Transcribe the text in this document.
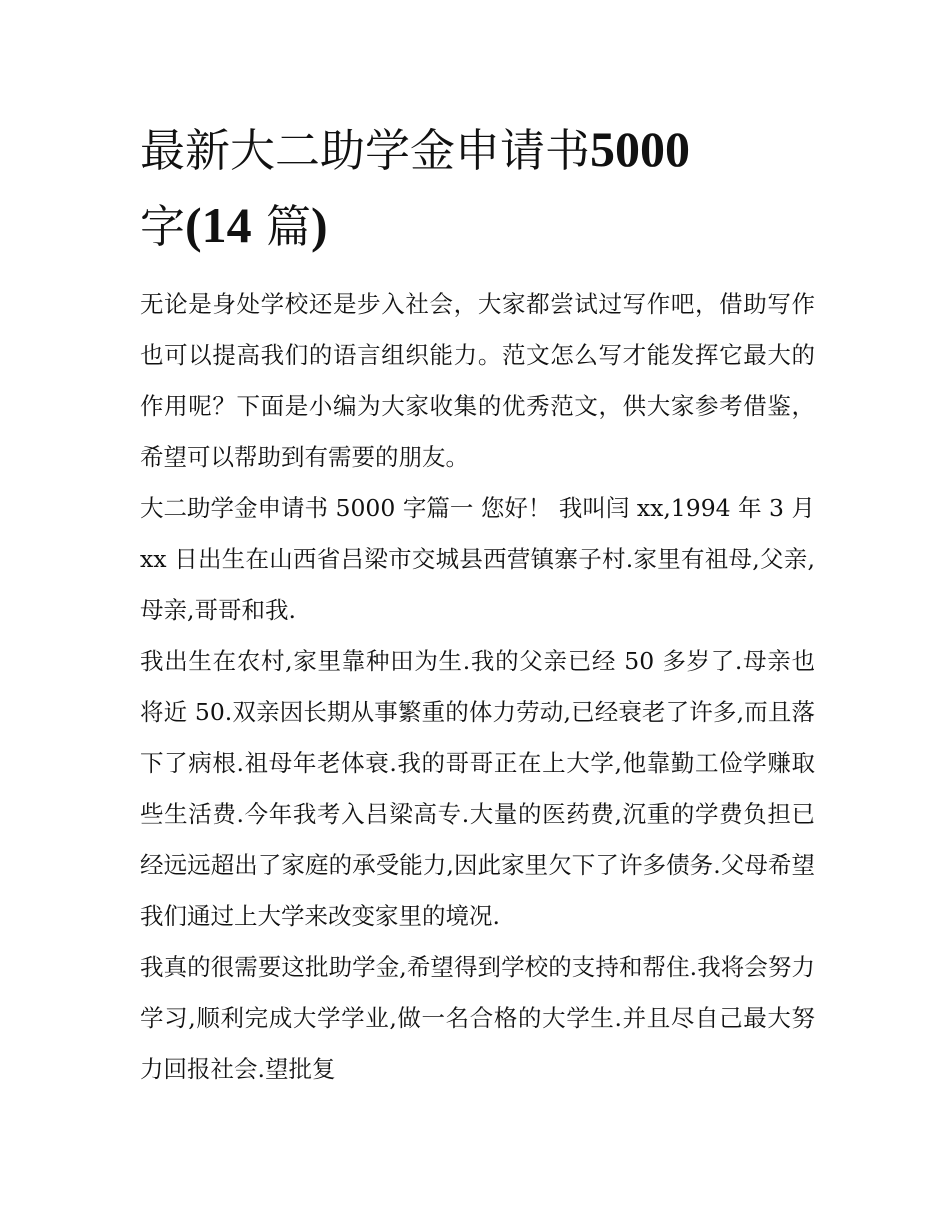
最新大二助学金申请书5000
字(14 篇)

无论是身处学校还是步入社会，大家都尝试过写作吧，借助写作也可以提高我们的语言组织能力。范文怎么写才能发挥它最大的作用呢？下面是小编为大家收集的优秀范文，供大家参考借鉴，希望可以帮助到有需要的朋友。

大二助学金申请书 5000 字篇一 您好！ 我叫闫 xx,1994 年 3 月 xx 日出生在山西省吕梁市交城县西营镇寨子村.家里有祖母,父亲,母亲,哥哥和我.

我出生在农村,家里靠种田为生.我的父亲已经 50 多岁了.母亲也将近 50.双亲因长期从事繁重的体力劳动,已经衰老了许多,而且落下了病根.祖母年老体衰.我的哥哥正在上大学,他靠勤工俭学赚取些生活费.今年我考入吕梁高专.大量的医药费,沉重的学费负担已经远远超出了家庭的承受能力,因此家里欠下了许多债务.父母希望我们通过上大学来改变家里的境况.

我真的很需要这批助学金,希望得到学校的支持和帮住.我将会努力学习,顺利完成大学学业,做一名合格的大学生.并且尽自己最大努力回报社会.望批复
